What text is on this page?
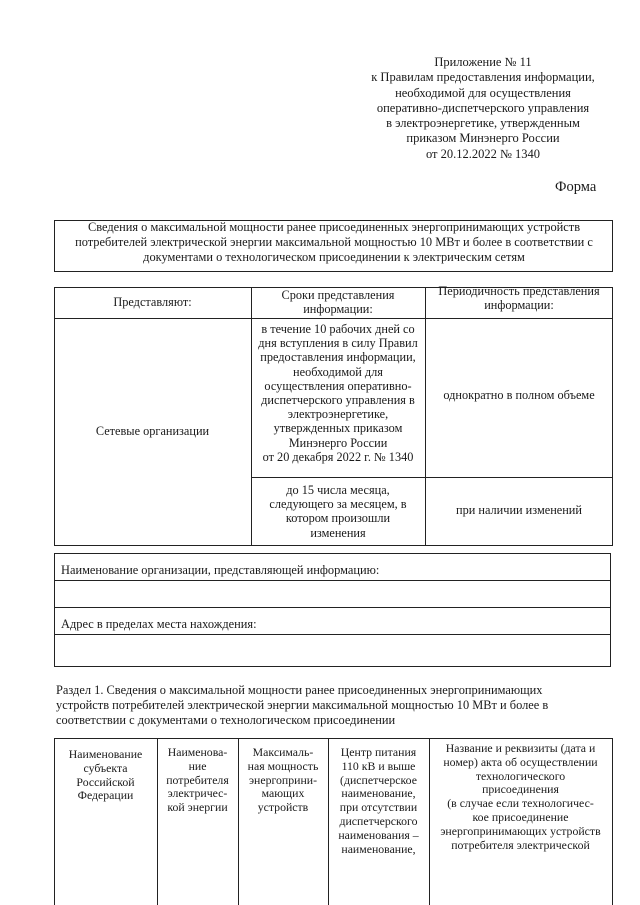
Приложение № 11
к Правилам предоставления информации,
необходимой для осуществления
оперативно-диспетчерского управления
в электроэнергетике, утвержденным
приказом Минэнерго России
от 20.12.2022 № 1340
Форма
Сведения о максимальной мощности ранее присоединенных энергопринимающих устройств
потребителей электрической энергии максимальной мощностью 10 МВт и более в соответствии с
документами о технологическом присоединении к электрическим сетям
Представляют:	Сроки представления
информации:
Периодичность представления
информации:
Сетевые организации
в течение 10 рабочих дней со
дня вступления в силу Правил
предоставления информации,
необходимой для
осуществления оперативно-
диспетчерского управления в
электроэнергетике,
утвержденных приказом
Минэнерго России
от 20 декабря 2022 г. № 1340
однократно в полном объеме
до 15 числа месяца,
следующего за месяцем, в
котором произошли
изменения
при наличии изменений
Наименование организации, представляющей информацию:
Адрес в пределах места нахождения:
Раздел 1. Сведения о максимальной мощности ранее присоединенных энергопринимающих
устройств потребителей электрической энергии максимальной мощностью 10 МВт и более в
соответствии с документами о технологическом присоединении
Наименование
субъекта
Российской
Федерации
Наименова-
ние
потребителя
электричес-
кой энергии
Максималь-
ная мощность
энергоприни-
мающих
устройств
Центр питания
110 кВ и выше
(диспетчерское
наименование,
при отсутствии
диспетчерского
наименования –
наименование,
Название и реквизиты (дата и
номер) акта об осуществлении
технологического
присоединения
(в случае если технологичес-
кое присоединение
энергопринимающих устройств
потребителя электрической
